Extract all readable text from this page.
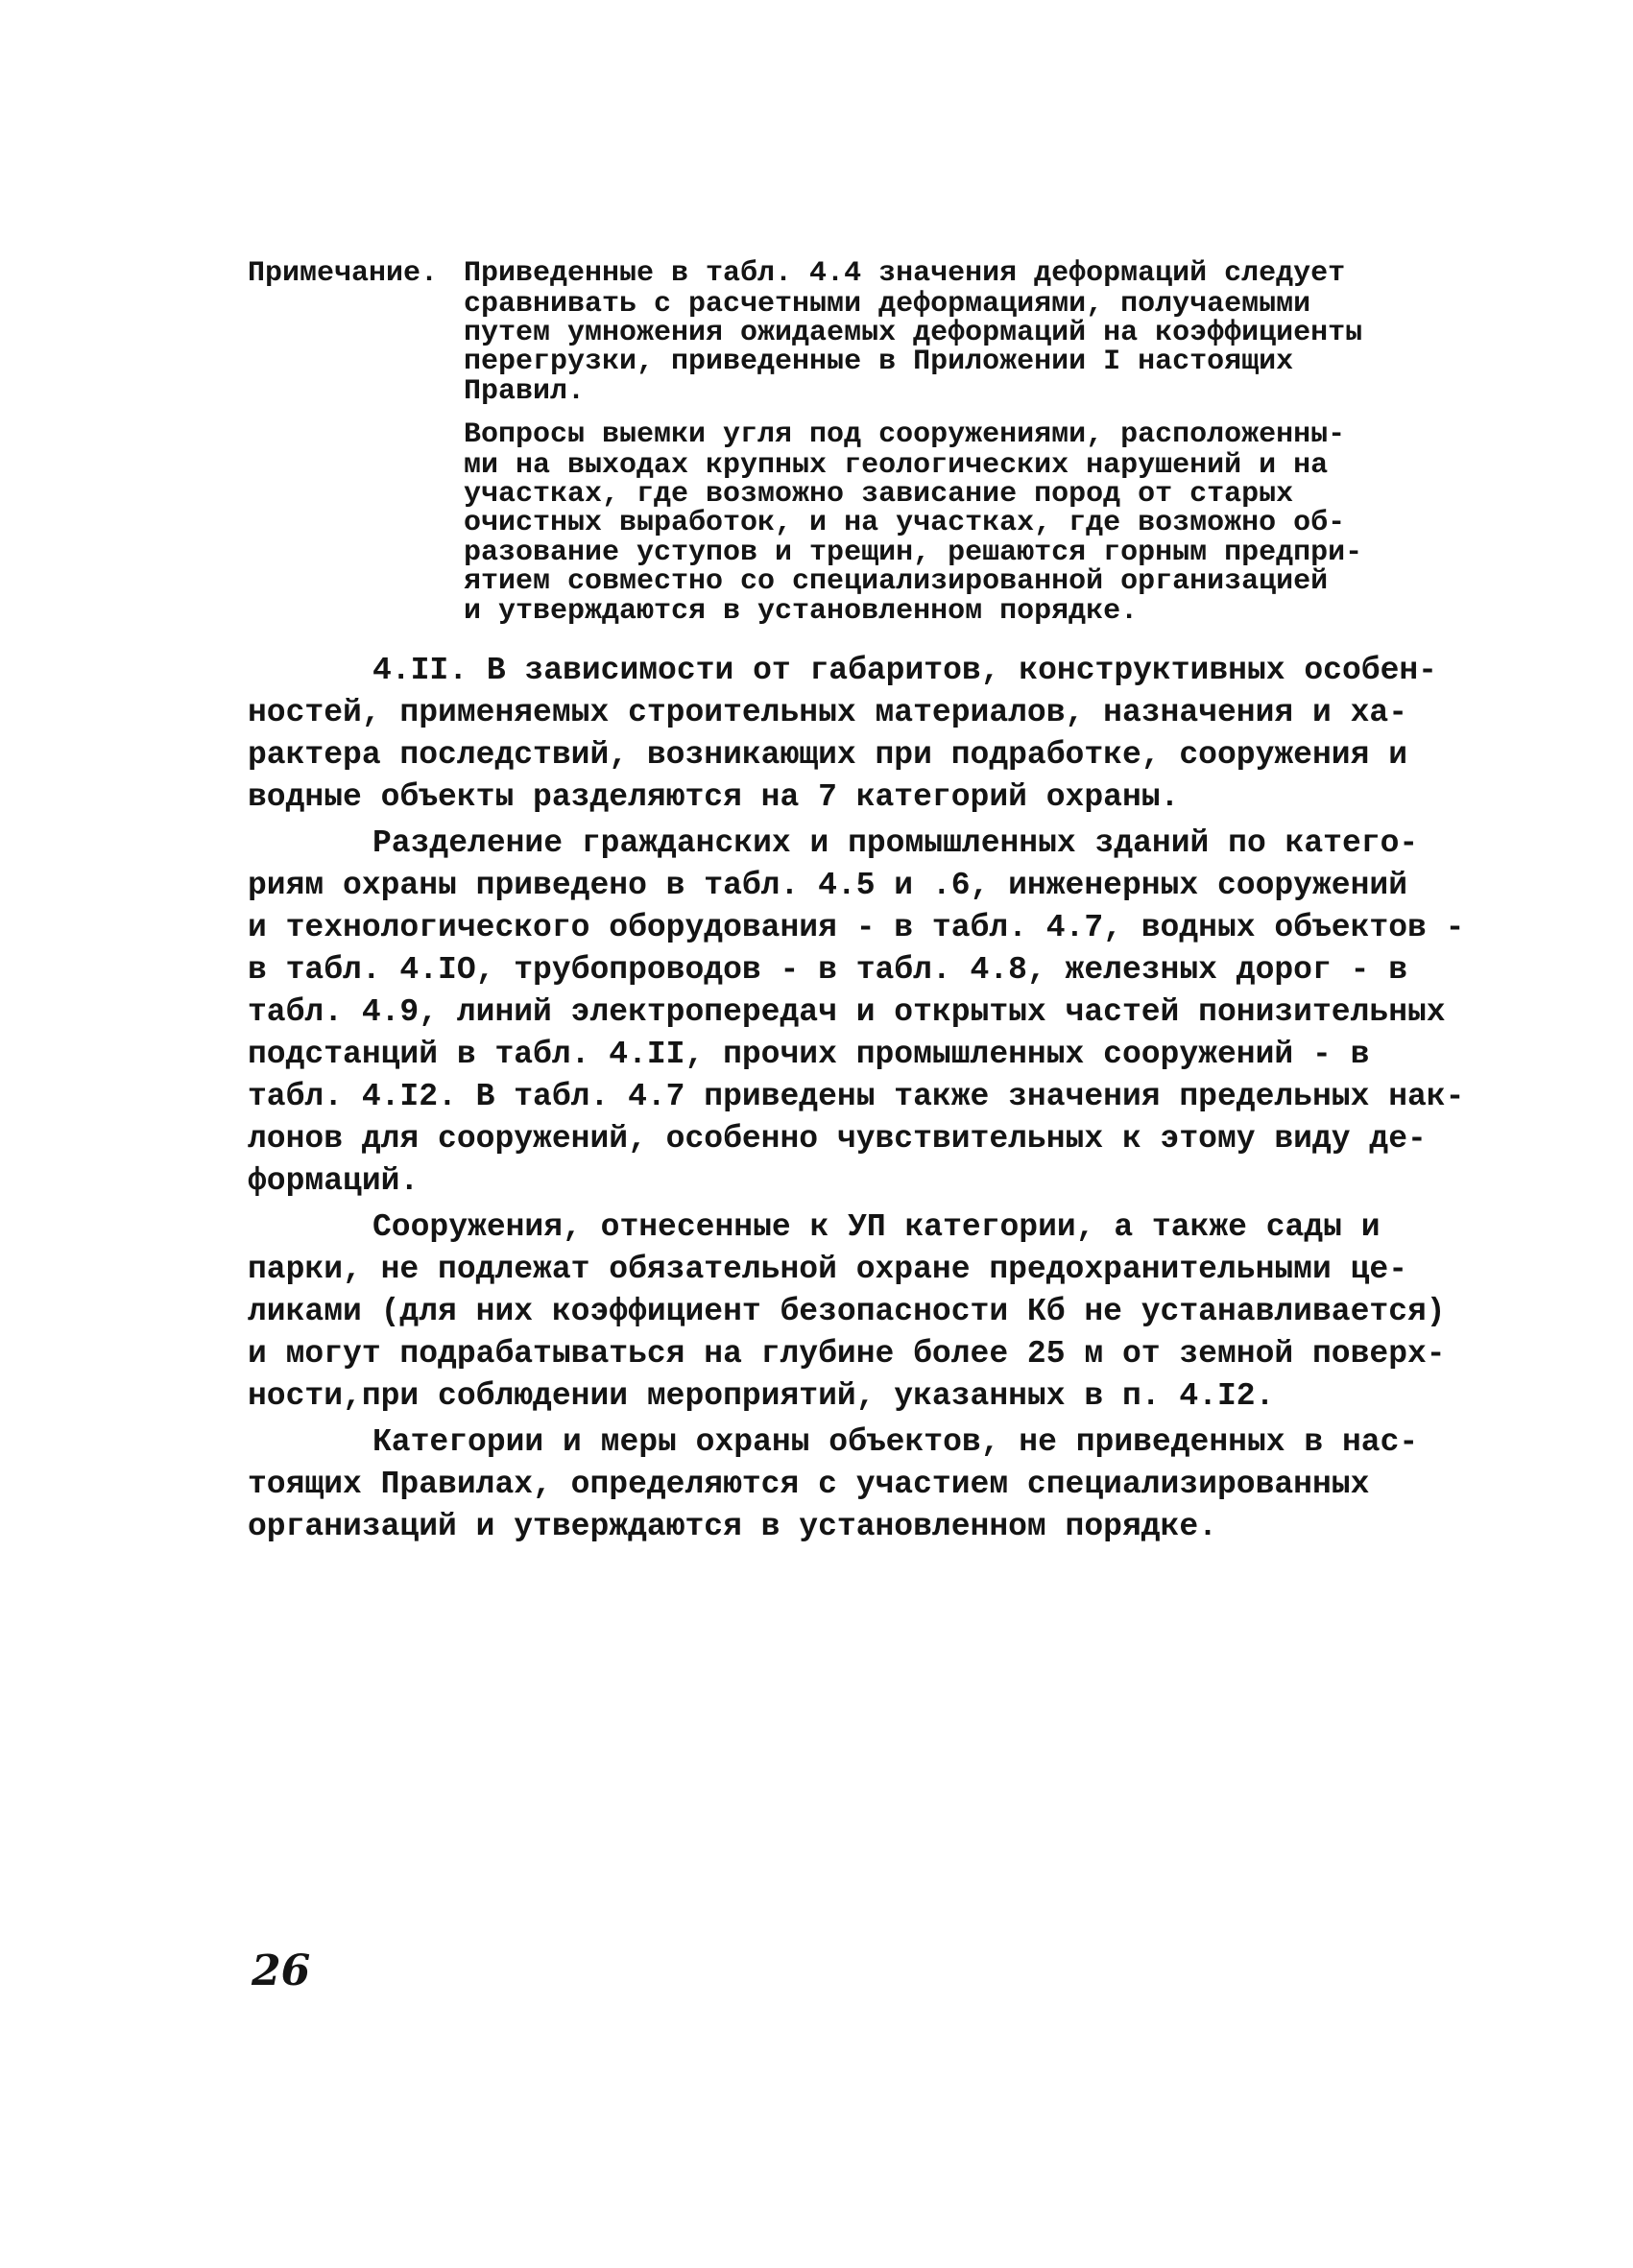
Примечание. Приведенные в табл. 4.4 значения деформаций следует
сравнивать с расчетными деформациями, получаемыми
путем умножения ожидаемых деформаций на коэффициенты
перегрузки, приведенные в Приложении I настоящих
Правил.
Вопросы выемки угля под сооружениями, расположенны-
ми на выходах крупных геологических нарушений и на
участках, где возможно зависание пород от старых
очистных выработок, и на участках, где возможно об-
разование уступов и трещин, решаются горным предпри-
ятием совместно со специализированной организацией
и утверждаются в установленном порядке.
4.II. В зависимости от габаритов, конструктивных особен-
ностей, применяемых строительных материалов, назначения и ха-
рактера последствий, возникающих при подработке, сооружения и
водные объекты разделяются на 7 категорий охраны.
Разделение гражданских и промышленных зданий по катего-
риям охраны приведено в табл. 4.5 и .6, инженерных сооружений
и технологического оборудования - в табл. 4.7, водных объектов -
в табл. 4.IO, трубопроводов - в табл. 4.8, железных дорог - в
табл. 4.9, линий электропередач и открытых частей понизительных
подстанций в табл. 4.II, прочих промышленных сооружений - в
табл. 4.I2. В табл. 4.7 приведены также значения предельных нак-
лонов для сооружений, особенно чувствительных к этому виду де-
формаций.
Сооружения, отнесенные к УП категории, а также сады и
парки, не подлежат обязательной охране предохранительными це-
ликами (для них коэффициент безопасности Кб не устанавливается)
и могут подрабатываться на глубине более 25 м от земной поверх-
ности,при соблюдении мероприятий, указанных в п. 4.I2.
Категории и меры охраны объектов, не приведенных в нас-
тоящих Правилах, определяются с участием специализированных
организаций и утверждаются в установленном порядке.
26
